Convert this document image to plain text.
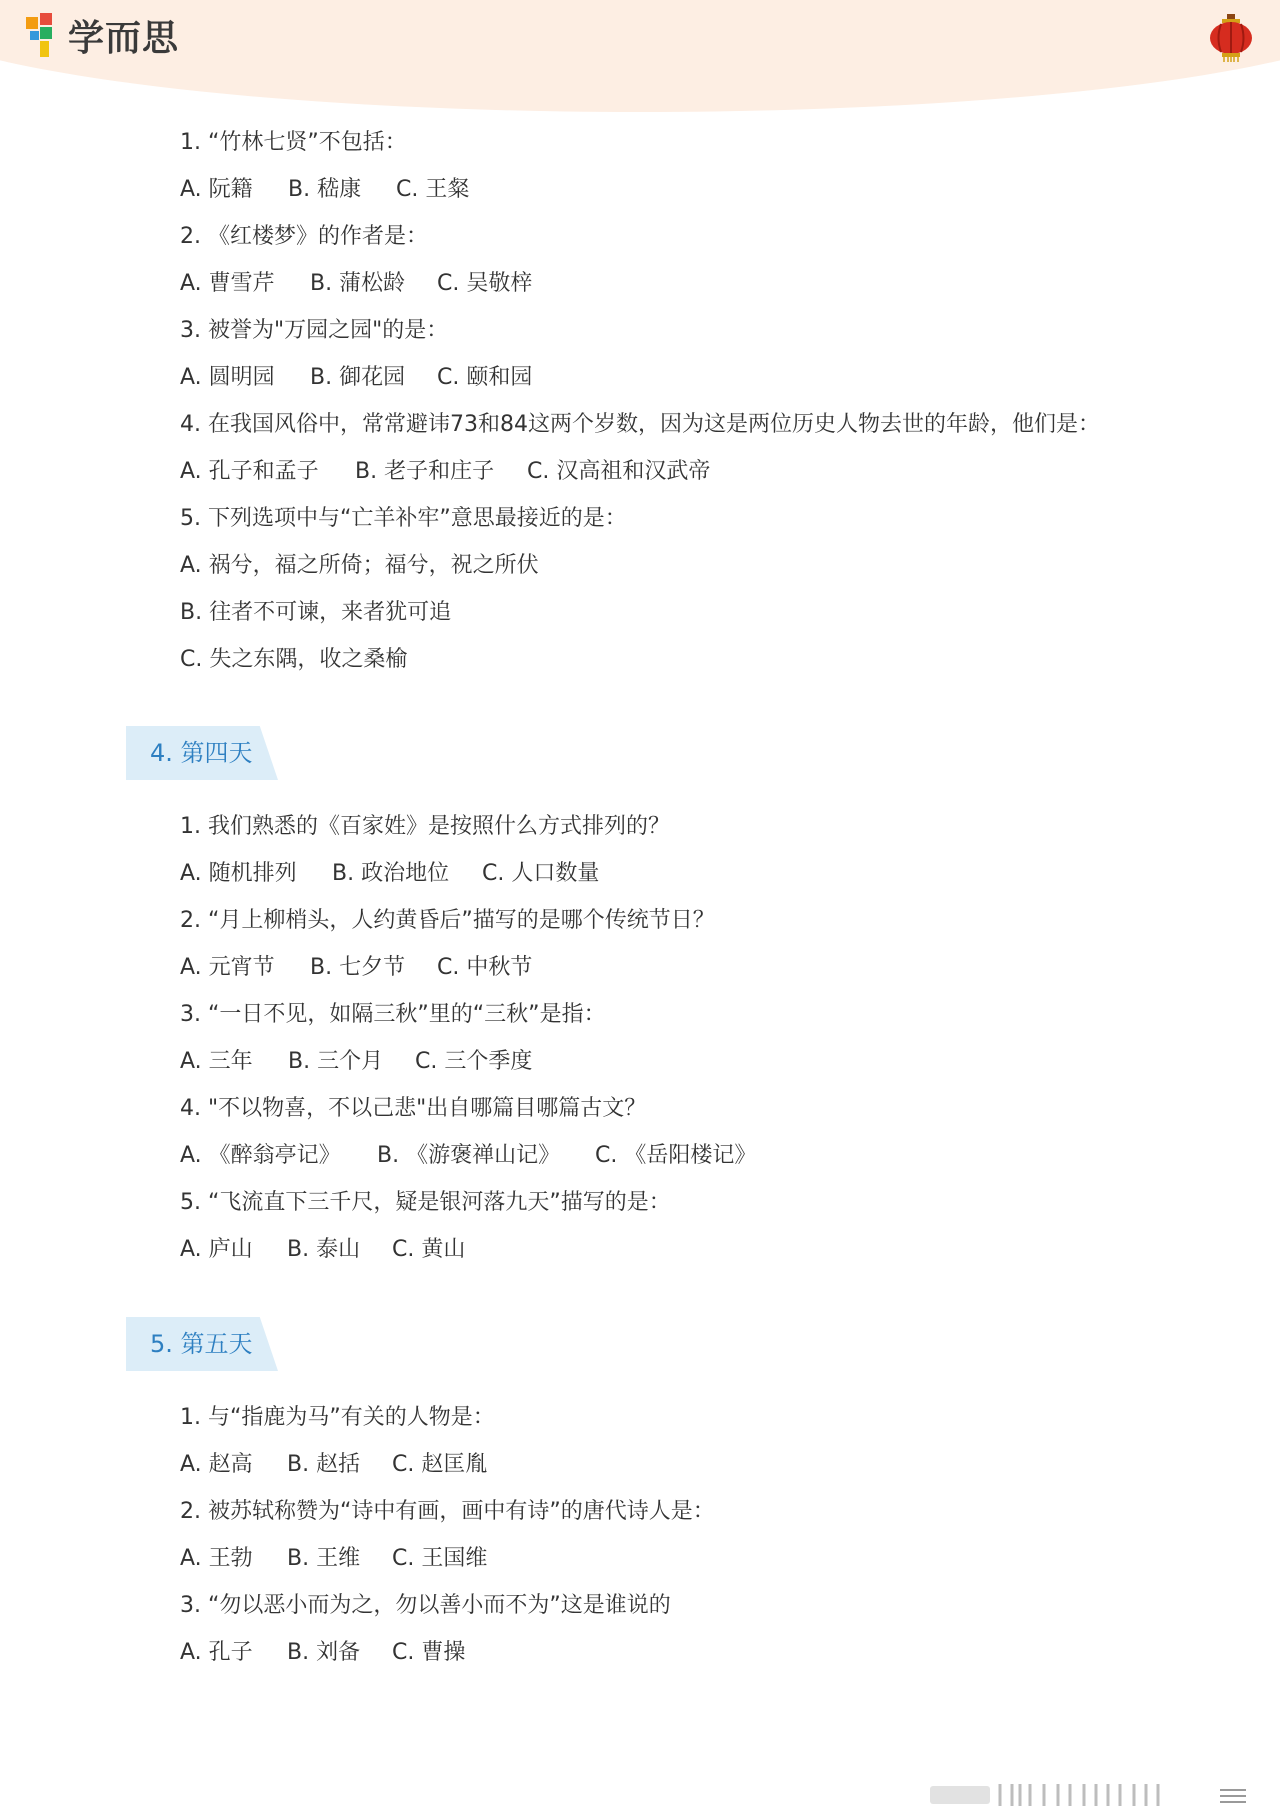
学而思
1. “竹林七贤”不包括：
A. 阮籍	B. 嵇康	C. 王粲
2. 《红楼梦》的作者是：
A. 曹雪芹	B. 蒲松龄	C. 吴敬梓
3. 被誉为"万园之园"的是：
A. 圆明园	B. 御花园	C. 颐和园
4. 在我国风俗中，常常避讳73和84这两个岁数，因为这是两位历史人物去世的年龄，他们是：
A. 孔子和孟子	B. 老子和庄子	C. 汉高祖和汉武帝
5. 下列选项中与“亡羊补牢”意思最接近的是：
A. 祸兮，福之所倚；福兮，祝之所伏
B. 往者不可谏，来者犹可追
C. 失之东隅，收之桑榆
4. 第四天
1. 我们熟悉的《百家姓》是按照什么方式排列的？
A. 随机排列	B. 政治地位	C. 人口数量
2. “月上柳梢头，人约黄昏后”描写的是哪个传统节日？
A. 元宵节	B. 七夕节	C. 中秋节
3. “一日不见，如隔三秋”里的“三秋”是指：
A. 三年	B. 三个月	C. 三个季度
4. "不以物喜，不以己悲"出自哪篇目哪篇古文？
A. 《醉翁亭记》	B. 《游褒禅山记》	C. 《岳阳楼记》
5. “飞流直下三千尺，疑是银河落九天”描写的是：
A. 庐山	B. 泰山	C. 黄山
5. 第五天
1. 与“指鹿为马”有关的人物是：
A. 赵高	B. 赵括	C. 赵匡胤
2. 被苏轼称赞为“诗中有画，画中有诗”的唐代诗人是：
A. 王勃	B. 王维	C. 王国维
3. “勿以恶小而为之，勿以善小而不为”这是谁说的
A. 孔子	B. 刘备	C. 曹操
